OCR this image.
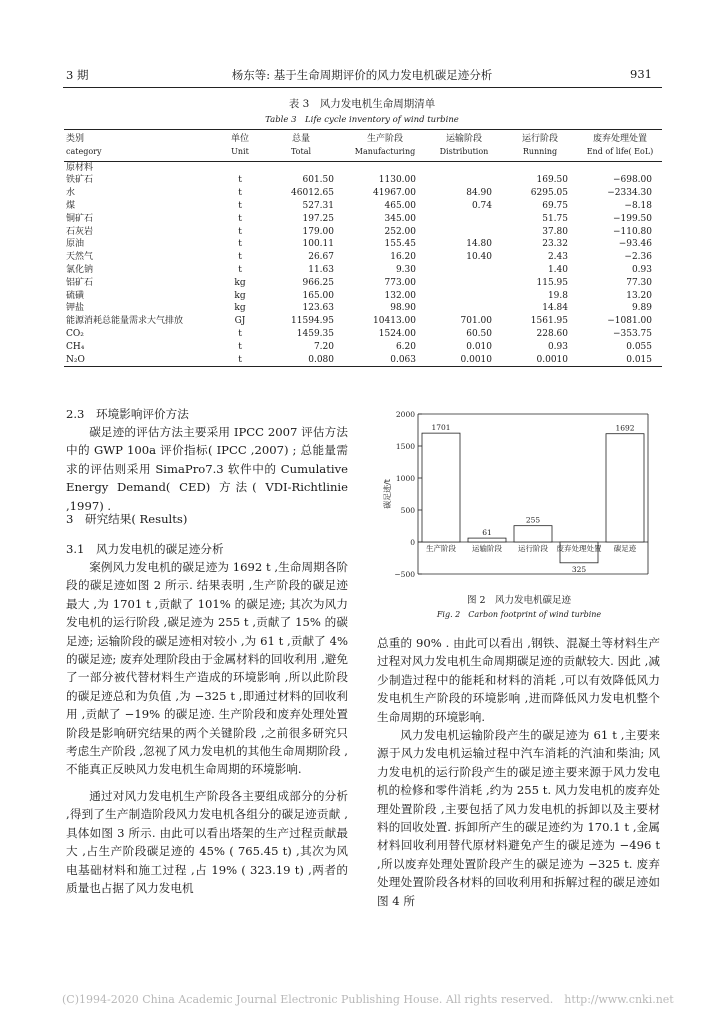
3 期	杨东等: 基于生命周期评价的风力发电机碳足迹分析	931
表 3　风力发电机生命周期清单
Table 3　Life cycle inventory of wind turbine
类别	单位	总量	生产阶段	运输阶段	运行阶段	废弃处理处置
category	Unit	Total	Manufacturing	Distribution	Running	End of life( EoL)
原材料						
铁矿石	t	601.50	1130.00		169.50	−698.00
水	t	46012.65	41967.00	84.90	6295.05	−2334.30
煤	t	527.31	465.00	0.74	69.75	−8.18
铜矿石	t	197.25	345.00		51.75	−199.50
石灰岩	t	179.00	252.00		37.80	−110.80
原油	t	100.11	155.45	14.80	23.32	−93.46
天然气	t	26.67	16.20	10.40	2.43	−2.36
氯化钠	t	11.63	9.30		1.40	0.93
铝矿石	kg	966.25	773.00		115.95	77.30
硫磺	kg	165.00	132.00		19.8	13.20
钾盐	kg	123.63	98.90		14.84	9.89
能源消耗总能量需求大气排放	GJ	11594.95	10413.00	701.00	1561.95	−1081.00
CO₂	t	1459.35	1524.00	60.50	228.60	−353.75
CH₄	t	7.20	6.20	0.010	0.93	0.055
N₂O	t	0.080	0.063	0.0010	0.0010	0.015
2.3　环境影响评价方法

碳足迹的评估方法主要采用 IPCC 2007 评估方法中的 GWP 100a 评价指标( IPCC ,2007) ; 总能量需求的评估则采用 SimaPro7.3 软件中的 Cumulative Energy Demand( CED) 方法( VDI-Richtlinie ,1997) .

3　研究结果( Results)
3.1　风力发电机的碳足迹分析

案例风力发电机的碳足迹为 1692 t ,生命周期各阶段的碳足迹如图 2 所示. 结果表明 ,生产阶段的碳足迹最大 ,为 1701 t ,贡献了 101% 的碳足迹; 其次为风力发电机的运行阶段 ,碳足迹为 255 t ,贡献了 15% 的碳足迹; 运输阶段的碳足迹相对较小 ,为 61 t ,贡献了 4% 的碳足迹; 废弃处理阶段由于金属材料的回收利用 ,避免了一部分被代替材料生产造成的环境影响 ,所以此阶段的碳足迹总和为负值 ,为 −325 t ,即通过材料的回收利用 ,贡献了 −19% 的碳足迹. 生产阶段和废弃处理处置阶段是影响研究结果的两个关键阶段 ,之前很多研究只考虑生产阶段 ,忽视了风力发电机的其他生命周期阶段 ,不能真正反映风力发电机生命周期的环境影响.

通过对风力发电机生产阶段各主要组成部分的分析 ,得到了生产制造阶段风力发电机各组分的碳足迹贡献 ,具体如图 3 所示. 由此可以看出塔架的生产过程贡献最大 ,占生产阶段碳足迹的 45% ( 765.45 t) ,其次为风电基础材料和施工过程 ,占 19% ( 323.19 t) ,两者的质量也占据了风力发电机

−500
0
500
1000
1500
2000
碳足迹/t
1701
生产阶段
61
运输阶段
255
运行阶段
325
废弃处理处置
1692
碳足迹
图 2　风力发电机碳足迹
Fig. 2　Carbon footprint of wind turbine

总重的 90% . 由此可以看出 ,钢铁、混凝土等材料生产过程对风力发电机生命周期碳足迹的贡献较大. 因此 ,减少制造过程中的能耗和材料的消耗 ,可以有效降低风力发电机生产阶段的环境影响 ,进而降低风力发电机整个生命周期的环境影响.

风力发电机运输阶段产生的碳足迹为 61 t ,主要来源于风力发电机运输过程中汽车消耗的汽油和柴油; 风力发电机的运行阶段产生的碳足迹主要来源于风力发电机的检修和零件消耗 ,约为 255 t. 风力发电机的废弃处理处置阶段 ,主要包括了风力发电机的拆卸以及主要材料的回收处置. 拆卸所产生的碳足迹约为 170.1 t ,金属材料回收利用替代原材料避免产生的碳足迹为 −496 t ,所以废弃处理处置阶段产生的碳足迹为 −325 t. 废弃处理处置阶段各材料的回收利用和拆解过程的碳足迹如图 4 所

(C)1994-2020 China Academic Journal Electronic Publishing House. All rights reserved.　http://www.cnki.net
